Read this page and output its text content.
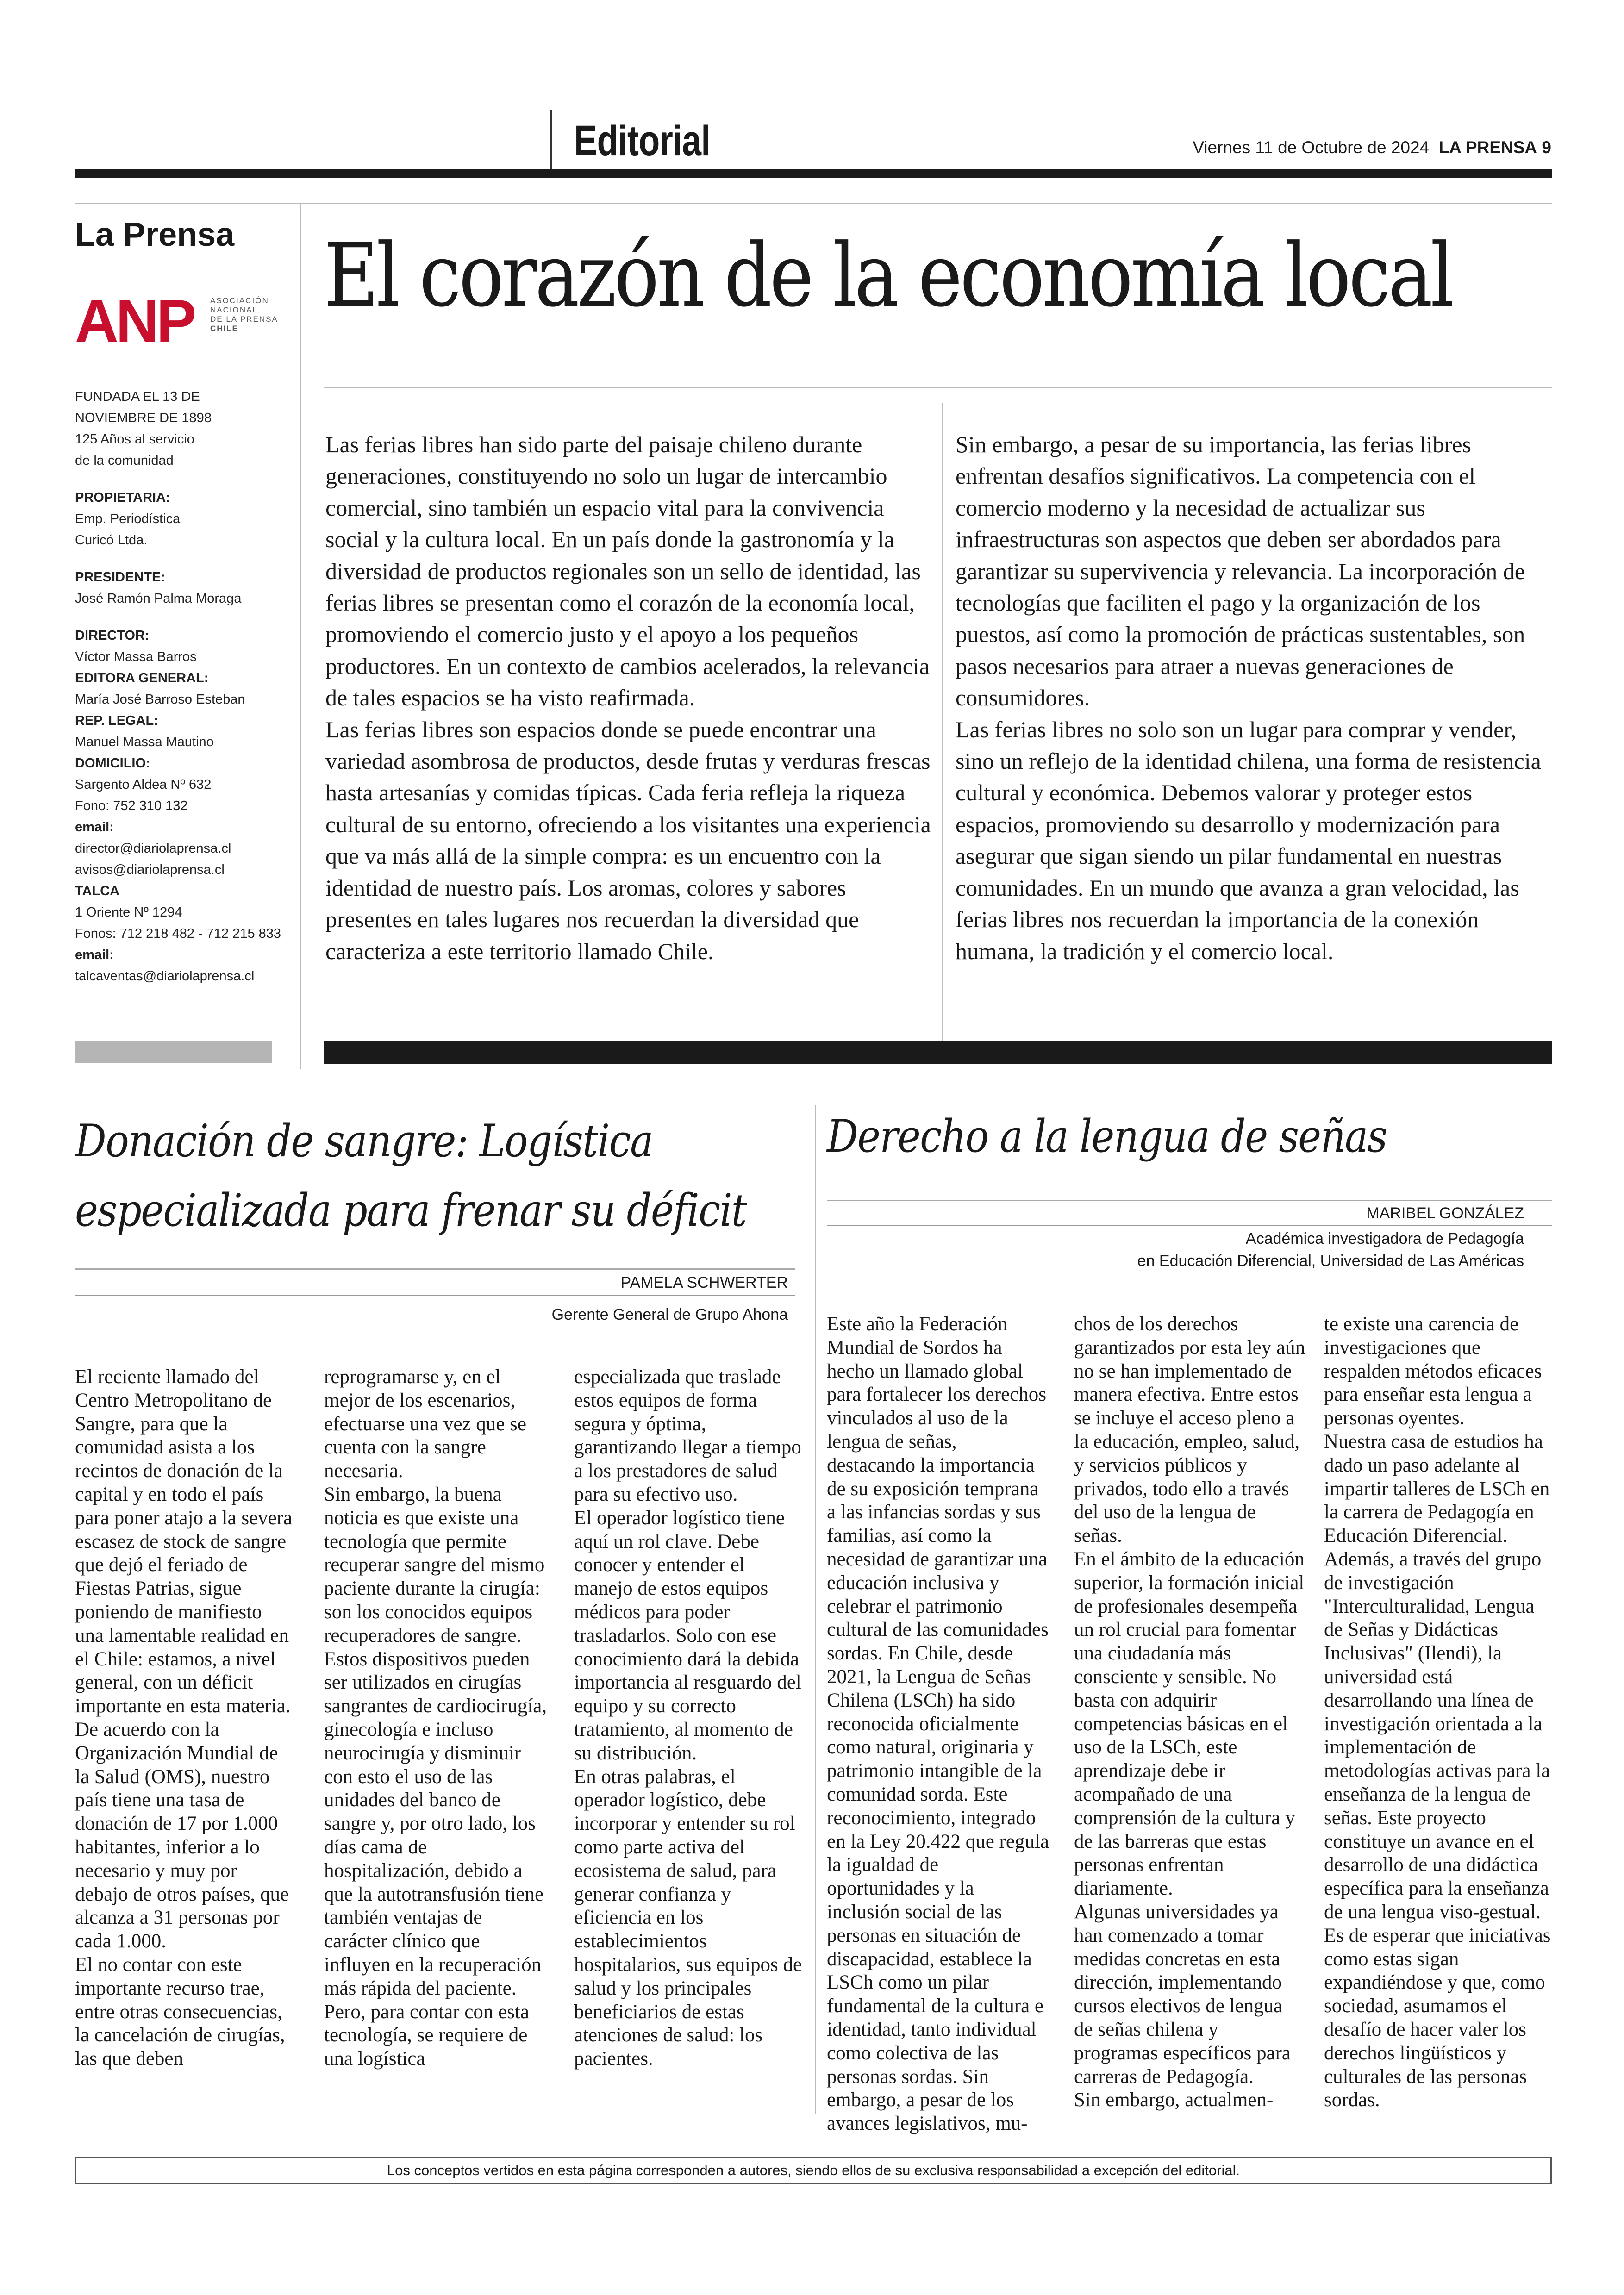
Editorial	Viernes 11 de Octubre de 2024 LA PRENSA 9
La Prensa
ANP ASOCIACIÓN
NACIONAL
DE LA PRENSA
CHILE
FUNDADA EL 13 DE
NOVIEMBRE DE 1898
125 Años al servicio
de la comunidad
PROPIETARIA:
Emp. Periodística
Curicó Ltda.
PRESIDENTE:
José Ramón Palma Moraga
DIRECTOR:
Víctor Massa Barros
EDITORA GENERAL:
María José Barroso Esteban
REP. LEGAL:
Manuel Massa Mautino
DOMICILIO:
Sargento Aldea Nº 632
Fono: 752 310 132
email:
director@diariolaprensa.cl
avisos@diariolaprensa.cl
TALCA
1 Oriente Nº 1294
Fonos: 712 218 482 - 712 215 833
email:
talcaventas@diariolaprensa.cl
El corazón de la economía local

Las ferias libres han sido parte del paisaje chileno durante generaciones, constituyendo no solo un lugar de intercambio comercial, sino también un espacio vital para la convivencia social y la cultura local. En un país donde la gastronomía y la diversidad de productos regionales son un sello de identidad, las ferias libres se presentan como el corazón de la economía local, promoviendo el comercio justo y el apoyo a los pequeños productores. En un contexto de cambios acelerados, la relevancia de tales espacios se ha visto reafirmada.

Las ferias libres son espacios donde se puede encontrar una variedad asombrosa de productos, desde frutas y verduras frescas hasta artesanías y comidas típicas. Cada feria refleja la riqueza cultural de su entorno, ofreciendo a los visitantes una experiencia que va más allá de la simple compra: es un encuentro con la identidad de nuestro país. Los aromas, colores y sabores presentes en tales lugares nos recuerdan la diversidad que caracteriza a este territorio llamado Chile.

Sin embargo, a pesar de su importancia, las ferias libres enfrentan desafíos significativos. La competencia con el comercio moderno y la necesidad de actualizar sus infraestructuras son aspectos que deben ser abordados para garantizar su supervivencia y relevancia. La incorporación de tecnologías que faciliten el pago y la organización de los puestos, así como la promoción de prácticas sustentables, son pasos necesarios para atraer a nuevas generaciones de consumidores.

Las ferias libres no solo son un lugar para comprar y vender, sino un reflejo de la identidad chilena, una forma de resistencia cultural y económica. Debemos valorar y proteger estos espacios, promoviendo su desarrollo y modernización para asegurar que sigan siendo un pilar fundamental en nuestras comunidades. En un mundo que avanza a gran velocidad, las ferias libres nos recuerdan la importancia de la conexión humana, la tradición y el comercio local.

Donación de sangre: Logística
especializada para frenar su déficit
PAMELA SCHWERTER
Gerente General de Grupo Ahona

El reciente llamado del Centro Metropolitano de Sangre, para que la comunidad asista a los recintos de donación de la capital y en todo el país para poner atajo a la severa escasez de stock de sangre que dejó el feriado de Fiestas Patrias, sigue poniendo de manifiesto una lamentable realidad en el Chile: estamos, a nivel general, con un déficit importante en esta materia.

De acuerdo con la Organización Mundial de la Salud (OMS), nuestro país tiene una tasa de donación de 17 por 1.000 habitantes, inferior a lo necesario y muy por debajo de otros países, que alcanza a 31 personas por cada 1.000.

El no contar con este importante recurso trae, entre otras consecuencias, la cancelación de cirugías, las que deben

reprogramarse y, en el mejor de los escenarios, efectuarse una vez que se cuenta con la sangre necesaria.

Sin embargo, la buena noticia es que existe una tecnología que permite recuperar sangre del mismo paciente durante la cirugía: son los conocidos equipos recuperadores de sangre. Estos dispositivos pueden ser utilizados en cirugías sangrantes de cardiocirugía, ginecología e incluso neurocirugía y disminuir con esto el uso de las unidades del banco de sangre y, por otro lado, los días cama de hospitalización, debido a que la autotransfusión tiene también ventajas de carácter clínico que influyen en la recuperación más rápida del paciente.

Pero, para contar con esta tecnología, se requiere de una logística

especializada que traslade estos equipos de forma segura y óptima, garantizando llegar a tiempo a los prestadores de salud para su efectivo uso.

El operador logístico tiene aquí un rol clave. Debe conocer y entender el manejo de estos equipos médicos para poder trasladarlos. Solo con ese conocimiento dará la debida importancia al resguardo del equipo y su correcto tratamiento, al momento de su distribución.

En otras palabras, el operador logístico, debe incorporar y entender su rol como parte activa del ecosistema de salud, para generar confianza y eficiencia en los establecimientos hospitalarios, sus equipos de salud y los principales beneficiarios de estas atenciones de salud: los pacientes.

Derecho a la lengua de señas
MARIBEL GONZÁLEZ
Académica investigadora de Pedagogía
en Educación Diferencial, Universidad de Las Américas

Este año la Federación Mundial de Sordos ha hecho un llamado global para fortalecer los derechos vinculados al uso de la lengua de señas, destacando la importancia de su exposición temprana a las infancias sordas y sus familias, así como la necesidad de garantizar una educación inclusiva y celebrar el patrimonio cultural de las comunidades sordas. En Chile, desde 2021, la Lengua de Señas Chilena (LSCh) ha sido reconocida oficialmente como natural, originaria y patrimonio intangible de la comunidad sorda. Este reconocimiento, integrado en la Ley 20.422 que regula la igualdad de oportunidades y la inclusión social de las personas en situación de discapacidad, establece la LSCh como un pilar fundamental de la cultura e identidad, tanto individual como colectiva de las personas sordas. Sin embargo, a pesar de los avances legislativos, mu-

chos de los derechos garantizados por esta ley aún no se han implementado de manera efectiva. Entre estos se incluye el acceso pleno a la educación, empleo, salud, y servicios públicos y privados, todo ello a través del uso de la lengua de señas.

En el ámbito de la educación superior, la formación inicial de profesionales desempeña un rol crucial para fomentar una ciudadanía más consciente y sensible. No basta con adquirir competencias básicas en el uso de la LSCh, este aprendizaje debe ir acompañado de una comprensión de la cultura y de las barreras que estas personas enfrentan diariamente.

Algunas universidades ya han comenzado a tomar medidas concretas en esta dirección, implementando cursos electivos de lengua de señas chilena y programas específicos para carreras de Pedagogía.

Sin embargo, actualmen-

te existe una carencia de investigaciones que respalden métodos eficaces para enseñar esta lengua a personas oyentes.

Nuestra casa de estudios ha dado un paso adelante al impartir talleres de LSCh en la carrera de Pedagogía en Educación Diferencial. Además, a través del grupo de investigación "Interculturalidad, Lengua de Señas y Didácticas Inclusivas" (Ilendi), la universidad está desarrollando una línea de investigación orientada a la implementación de metodologías activas para la enseñanza de la lengua de señas. Este proyecto constituye un avance en el desarrollo de una didáctica específica para la enseñanza de una lengua viso-gestual. Es de esperar que iniciativas como estas sigan expandiéndose y que, como sociedad, asumamos el desafío de hacer valer los derechos lingüísticos y culturales de las personas sordas.

Los conceptos vertidos en esta página corresponden a autores, siendo ellos de su exclusiva responsabilidad a excepción del editorial.
